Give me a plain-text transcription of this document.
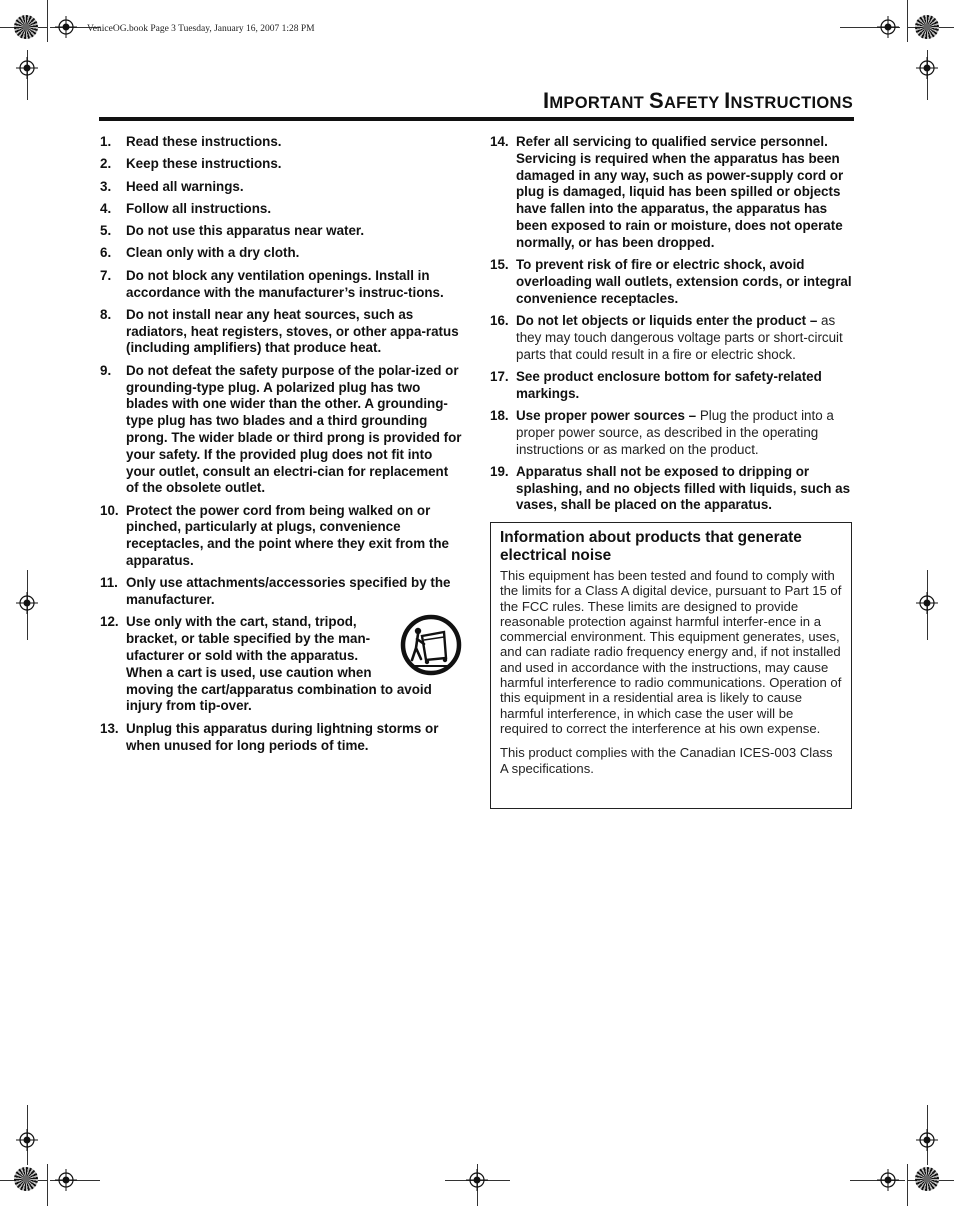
VeniceOG.book Page 3 Tuesday, January 16, 2007 1:28 PM
IMPORTANT SAFETY INSTRUCTIONS
1. Read these instructions.
2. Keep these instructions.
3. Heed all warnings.
4. Follow all instructions.
5. Do not use this apparatus near water.
6. Clean only with a dry cloth.
7. Do not block any ventilation openings. Install in accordance with the manufacturer’s instruc-tions.
8. Do not install near any heat sources, such as radiators, heat registers, stoves, or other appa-ratus (including amplifiers) that produce heat.
9. Do not defeat the safety purpose of the polar-ized or grounding-type plug. A polarized plug has two blades with one wider than the other. A grounding-type plug has two blades and a third grounding prong. The wider blade or third prong is provided for your safety. If the provided plug does not fit into your outlet, consult an electri-cian for replacement of the obsolete outlet.
10. Protect the power cord from being walked on or pinched, particularly at plugs, convenience receptacles, and the point where they exit from the apparatus.
11. Only use attachments/accessories specified by the manufacturer.
12. Use only with the cart, stand, tripod, bracket, or table specified by the man-ufacturer or sold with the apparatus. When a cart is used, use caution when moving the cart/apparatus combination to avoid injury from tip-over.
13. Unplug this apparatus during lightning storms or when unused for long periods of time.
14. Refer all servicing to qualified service personnel. Servicing is required when the apparatus has been damaged in any way, such as power-supply cord or plug is damaged, liquid has been spilled or objects have fallen into the apparatus, the apparatus has been exposed to rain or moisture, does not operate normally, or has been dropped.
15. To prevent risk of fire or electric shock, avoid overloading wall outlets, extension cords, or integral convenience receptacles.
16. Do not let objects or liquids enter the product – as they may touch dangerous voltage parts or short-circuit parts that could result in a fire or electric shock.
17. See product enclosure bottom for safety-related markings.
18. Use proper power sources – Plug the product into a proper power source, as described in the operating instructions or as marked on the product.
19. Apparatus shall not be exposed to dripping or splashing, and no objects filled with liquids, such as vases, shall be placed on the apparatus.
Information about products that generate electrical noise

This equipment has been tested and found to comply with the limits for a Class A digital device, pursuant to Part 15 of the FCC rules. These limits are designed to provide reasonable protection against harmful interfer-ence in a commercial environment. This equipment generates, uses, and can radiate radio frequency energy and, if not installed and used in accordance with the instructions, may cause harmful interference to radio communications. Operation of this equipment in a residential area is likely to cause harmful interference, in which case the user will be required to correct the interference at his own expense.

This product complies with the Canadian ICES-003 Class A specifications.
